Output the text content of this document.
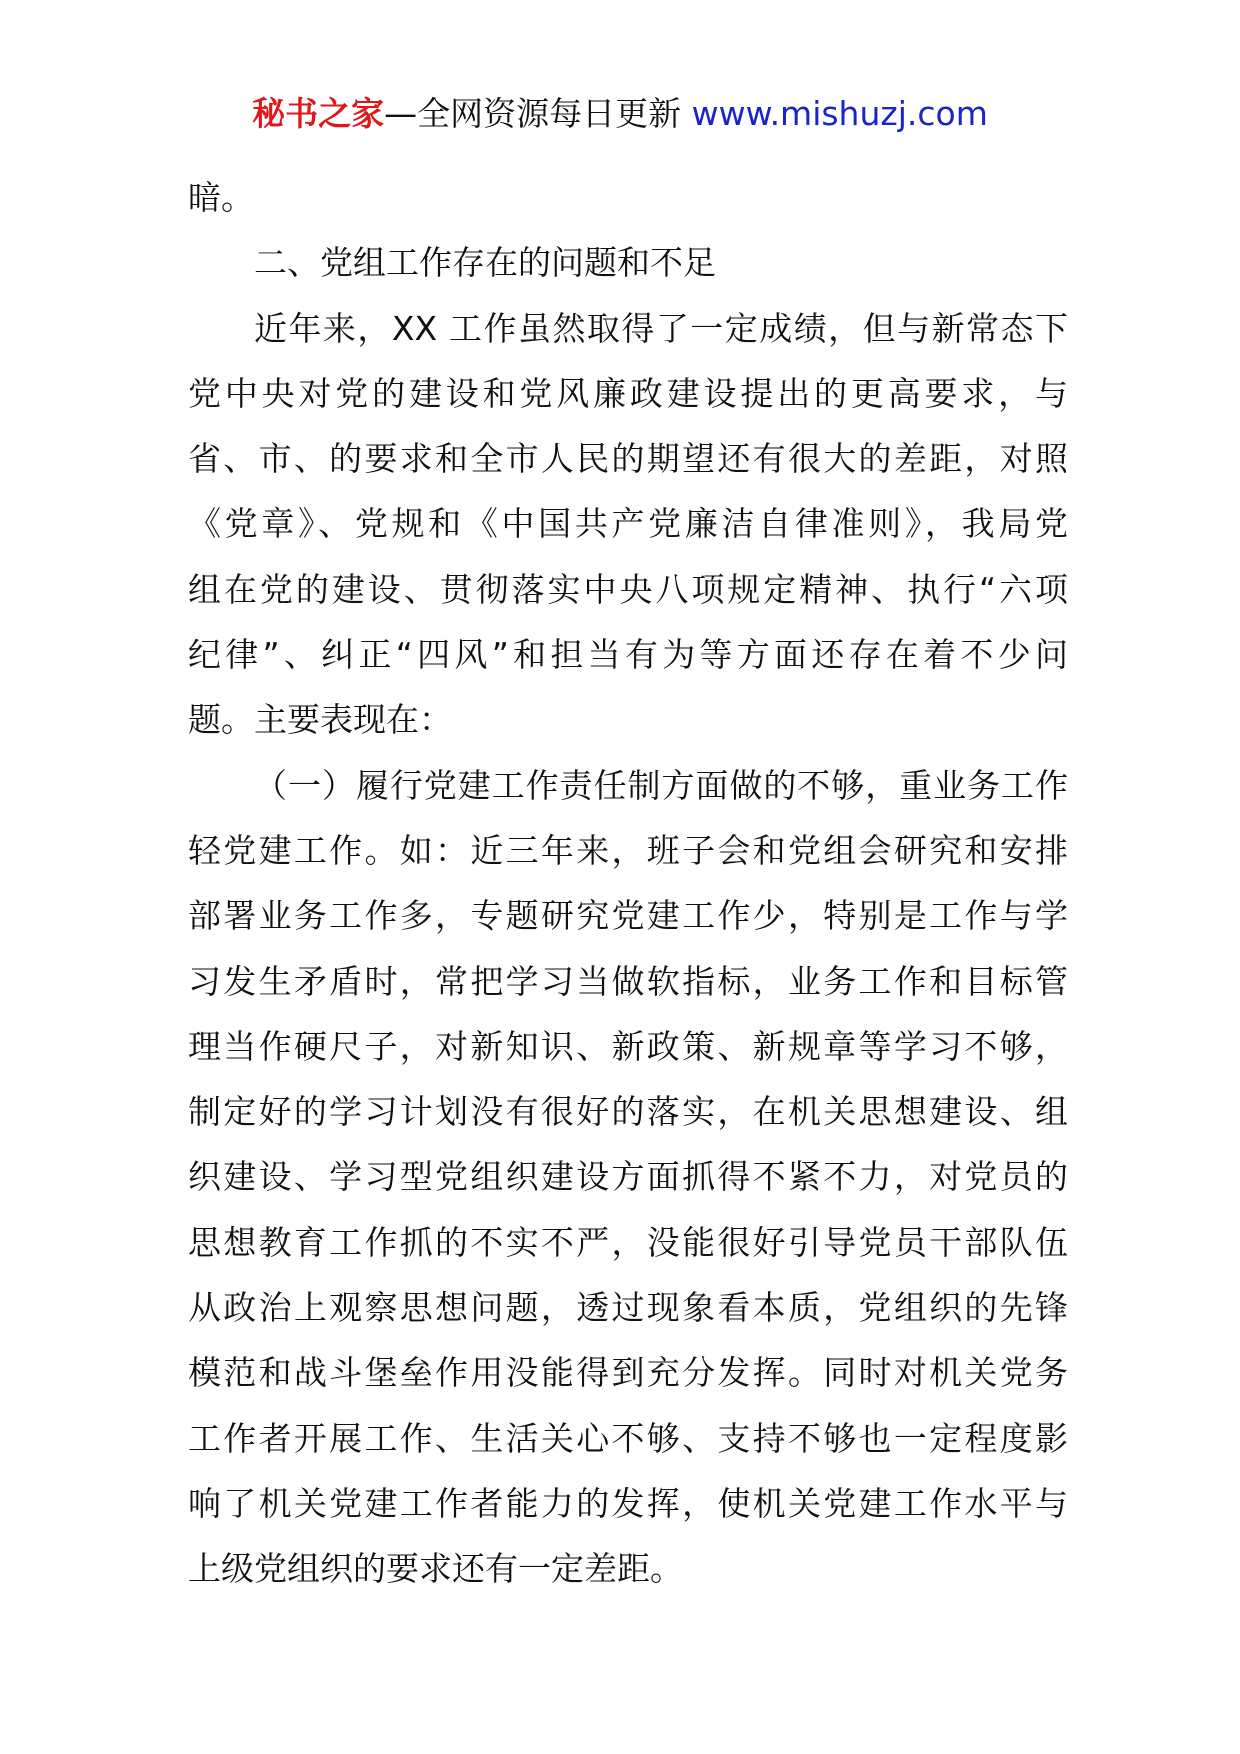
秘书之家—全网资源每日更新 www.mishuzj.com
暗。
二、党组工作存在的问题和不足
近年来，XX 工作虽然取得了一定成绩，但与新常态下
党中央对党的建设和党风廉政建设提出的更高要求，与
省、市、的要求和全市人民的期望还有很大的差距，对照
《党章》、党规和《中国共产党廉洁自律准则》，我局党
组在党的建设、贯彻落实中央八项规定精神、执行“六项
纪律”、纠正“四风”和担当有为等方面还存在着不少问
题。主要表现在：
（一）履行党建工作责任制方面做的不够，重业务工作
轻党建工作。如：近三年来，班子会和党组会研究和安排
部署业务工作多，专题研究党建工作少，特别是工作与学
习发生矛盾时，常把学习当做软指标，业务工作和目标管
理当作硬尺子，对新知识、新政策、新规章等学习不够，
制定好的学习计划没有很好的落实，在机关思想建设、组
织建设、学习型党组织建设方面抓得不紧不力，对党员的
思想教育工作抓的不实不严，没能很好引导党员干部队伍
从政治上观察思想问题，透过现象看本质，党组织的先锋
模范和战斗堡垒作用没能得到充分发挥。同时对机关党务
工作者开展工作、生活关心不够、支持不够也一定程度影
响了机关党建工作者能力的发挥，使机关党建工作水平与
上级党组织的要求还有一定差距。
